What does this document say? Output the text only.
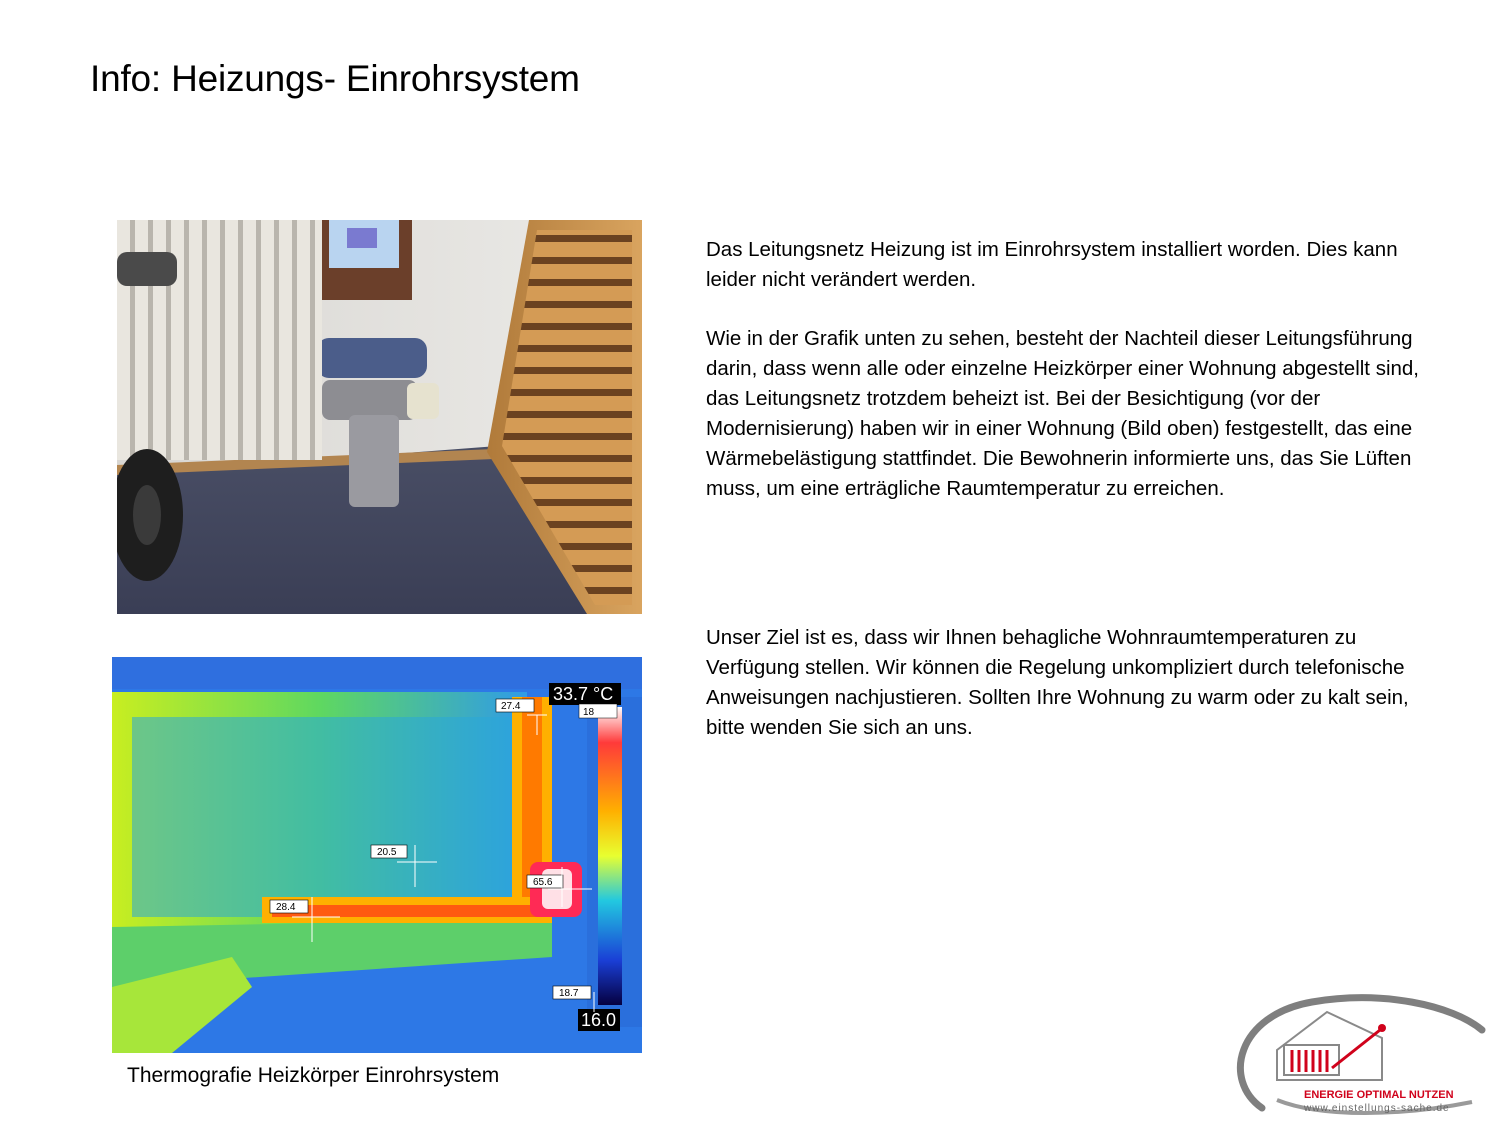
Info: Heizungs- Einrohrsystem
33.7 °C
18
16.0
27.4
20.5
65.6
28.4
18.7

Thermografie Heizkörper Einrohrsystem

Das Leitungsnetz Heizung ist im Einrohrsystem installiert worden. Dies kann leider nicht verändert werden.

Wie in der Grafik unten zu sehen, besteht der Nachteil dieser Leitungsführung darin, dass wenn alle oder einzelne Heizkörper einer Wohnung abgestellt sind, das Leitungsnetz trotzdem beheizt ist. Bei der Besichtigung (vor der Modernisierung) haben wir in einer Wohnung (Bild oben) festgestellt, das eine Wärmebelästigung stattfindet. Die Bewohnerin informierte uns, das Sie Lüften muss, um eine erträgliche Raumtemperatur zu erreichen.

Unser Ziel ist es, dass wir Ihnen behagliche Wohnraumtemperaturen zu Verfügung stellen. Wir können die Regelung unkompliziert durch telefonische Anweisungen nachjustieren. Sollten Ihre Wohnung zu warm oder zu kalt sein, bitte wenden Sie sich an uns.

ENERGIE OPTIMAL NUTZEN
www.einstellungs-sache.de
